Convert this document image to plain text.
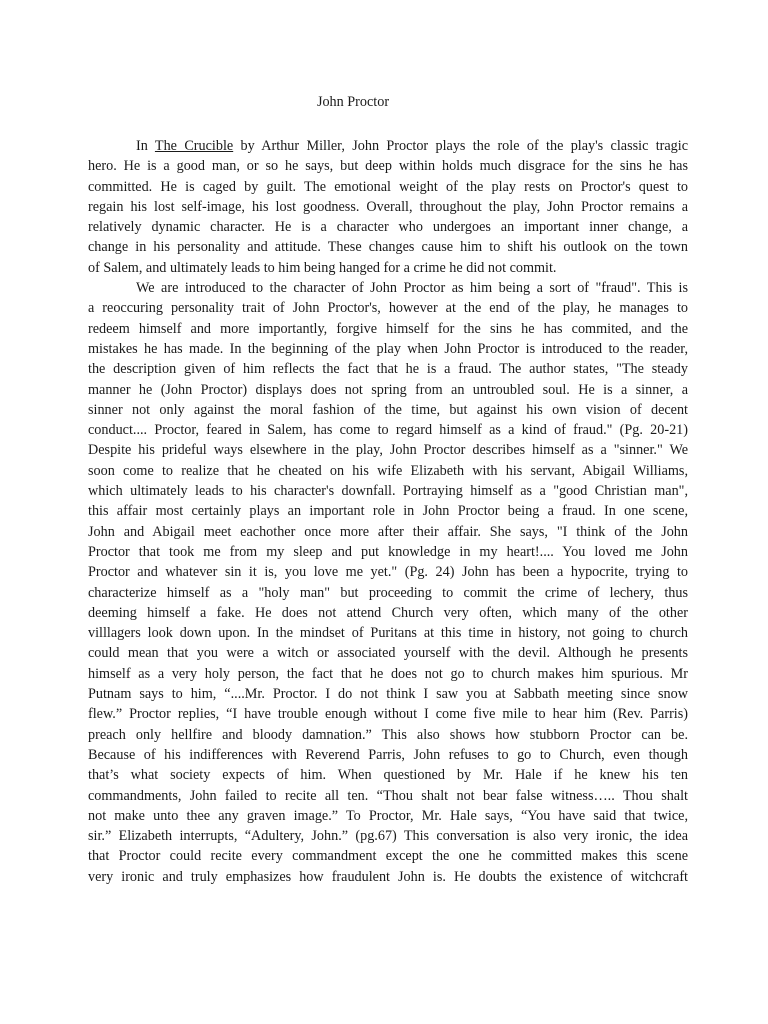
John Proctor
In The Crucible by Arthur Miller, John Proctor plays the role of the play's classic tragic
hero. He is a good man, or so he says, but deep within holds much disgrace for the sins he has
committed. He is caged by guilt. The emotional weight of the play rests on Proctor's quest to
regain his lost self-image, his lost goodness. Overall, throughout the play, John Proctor remains a
relatively dynamic character. He is a character who undergoes an important inner change, a
change in his personality and attitude. These changes cause him to shift his outlook on the town
of Salem, and ultimately leads to him being hanged for a crime he did not commit.
We are introduced to the character of John Proctor as him being a sort of "fraud". This is
a reoccuring personality trait of John Proctor's, however at the end of the play, he manages to
redeem himself and more importantly, forgive himself for the sins he has commited, and the
mistakes he has made. In the beginning of the play when John Proctor is introduced to the reader,
the description given of him reflects the fact that he is a fraud. The author states, "The steady
manner he (John Proctor) displays does not spring from an untroubled soul. He is a sinner, a
sinner not only against the moral fashion of the time, but against his own vision of decent
conduct.... Proctor, feared in Salem, has come to regard himself as a kind of fraud." (Pg. 20-21)
Despite his prideful ways elsewhere in the play, John Proctor describes himself as a "sinner." We
soon come to realize that he cheated on his wife Elizabeth with his servant, Abigail Williams,
which ultimately leads to his character's downfall. Portraying himself as a "good Christian man",
this affair most certainly plays an important role in John Proctor being a fraud. In one scene,
John and Abigail meet eachother once more after their affair. She says, "I think of the John
Proctor that took me from my sleep and put knowledge in my heart!.... You loved me John
Proctor and whatever sin it is, you love me yet." (Pg. 24) John has been a hypocrite, trying to
characterize himself as a "holy man" but proceeding to commit the crime of lechery, thus
deeming himself a fake. He does not attend Church very often, which many of the other
villlagers look down upon. In the mindset of Puritans at this time in history, not going to church
could mean that you were a witch or associated yourself with the devil. Although he presents
himself as a very holy person, the fact that he does not go to church makes him spurious. Mr
Putnam says to him, “....Mr. Proctor. I do not think I saw you at Sabbath meeting since snow
flew.” Proctor replies, “I have trouble enough without I come five mile to hear him (Rev. Parris)
preach only hellfire and bloody damnation.” This also shows how stubborn Proctor can be.
Because of his indifferences with Reverend Parris, John refuses to go to Church, even though
that’s what society expects of him. When questioned by Mr. Hale if he knew his ten
commandments, John failed to recite all ten. “Thou shalt not bear false witness….. Thou shalt
not make unto thee any graven image.” To Proctor, Mr. Hale says, “You have said that twice,
sir.” Elizabeth interrupts, “Adultery, John.” (pg.67) This conversation is also very ironic, the idea
that Proctor could recite every commandment except the one he committed makes this scene
very ironic and truly emphasizes how fraudulent John is. He doubts the existence of witchcraft
